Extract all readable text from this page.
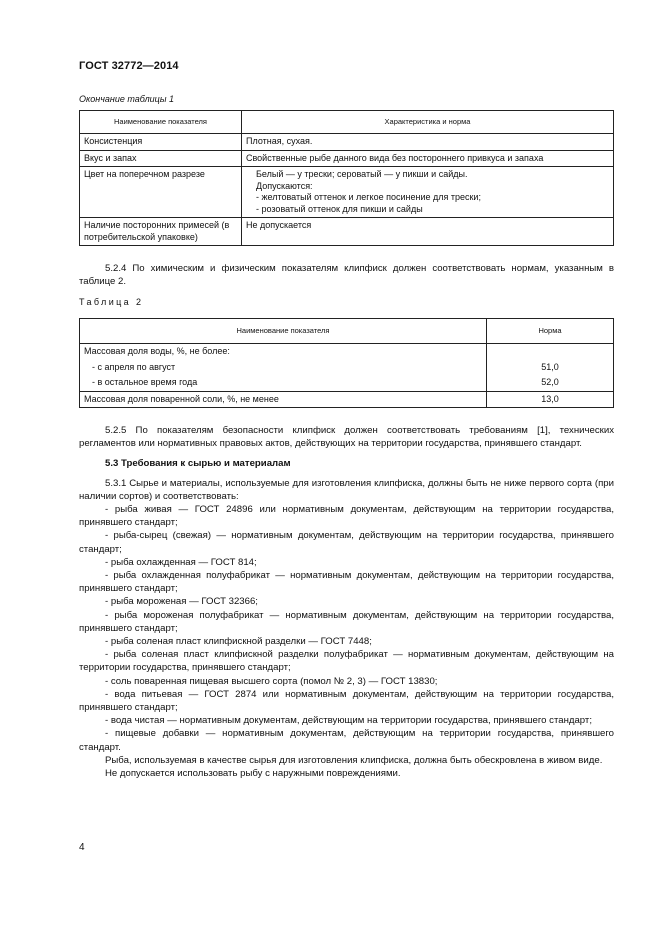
ГОСТ 32772—2014
Окончание таблицы 1
Наименование показателя	Характеристика и норма
Консистенция	Плотная, сухая.
Вкус и запах	Свойственные рыбе данного вида без постороннего привкуса и запаха
Цвет на поперечном разрезе	Белый — у трески; сероватый — у пикши и сайды.
Допускаются:
- желтоватый оттенок и легкое посинение для трески;
- розоватый оттенок для пикши и сайды

Наличие посторонних примесей (в потребительской упаковке)	Не допускается

5.2.4 По химическим и физическим показателям клипфиск должен соответствовать нормам, указанным в таблице 2.

Таблица 2
Наименование показателя	Норма
Массовая доля воды, %, не более:	
- с апреля по август	51,0
- в остальное время года	52,0
Массовая доля поваренной соли, %, не менее	13,0

5.2.5 По показателям безопасности клипфиск должен соответствовать требованиям [1], технических регламентов или нормативных правовых актов, действующих на территории государства, принявшего стандарт.

5.3 Требования к сырью и материалам

5.3.1 Сырье и материалы, используемые для изготовления клипфиска, должны быть не ниже первого сорта (при наличии сортов) и соответствовать:

- рыба живая — ГОСТ 24896 или нормативным документам, действующим на территории государства, принявшего стандарт;

- рыба-сырец (свежая) — нормативным документам, действующим на территории государства, принявшего стандарт;

- рыба охлажденная — ГОСТ 814;

- рыба охлажденная полуфабрикат — нормативным документам, действующим на территории государства, принявшего стандарт;

- рыба мороженая — ГОСТ 32366;

- рыба мороженая полуфабрикат — нормативным документам, действующим на территории государства, принявшего стандарт;

- рыба соленая пласт клипфискной разделки — ГОСТ 7448;

- рыба соленая пласт клипфискной разделки полуфабрикат — нормативным документам, действующим на территории государства, принявшего стандарт;

- соль поваренная пищевая высшего сорта (помол № 2, 3) — ГОСТ 13830;

- вода питьевая — ГОСТ 2874 или нормативным документам, действующим на территории государства, принявшего стандарт;

- вода чистая — нормативным документам, действующим на территории государства, принявшего стандарт;

- пищевые добавки — нормативным документам, действующим на территории государства, принявшего стандарт.

Рыба, используемая в качестве сырья для изготовления клипфиска, должна быть обескровлена в живом виде.

Не допускается использовать рыбу с наружными повреждениями.

4
